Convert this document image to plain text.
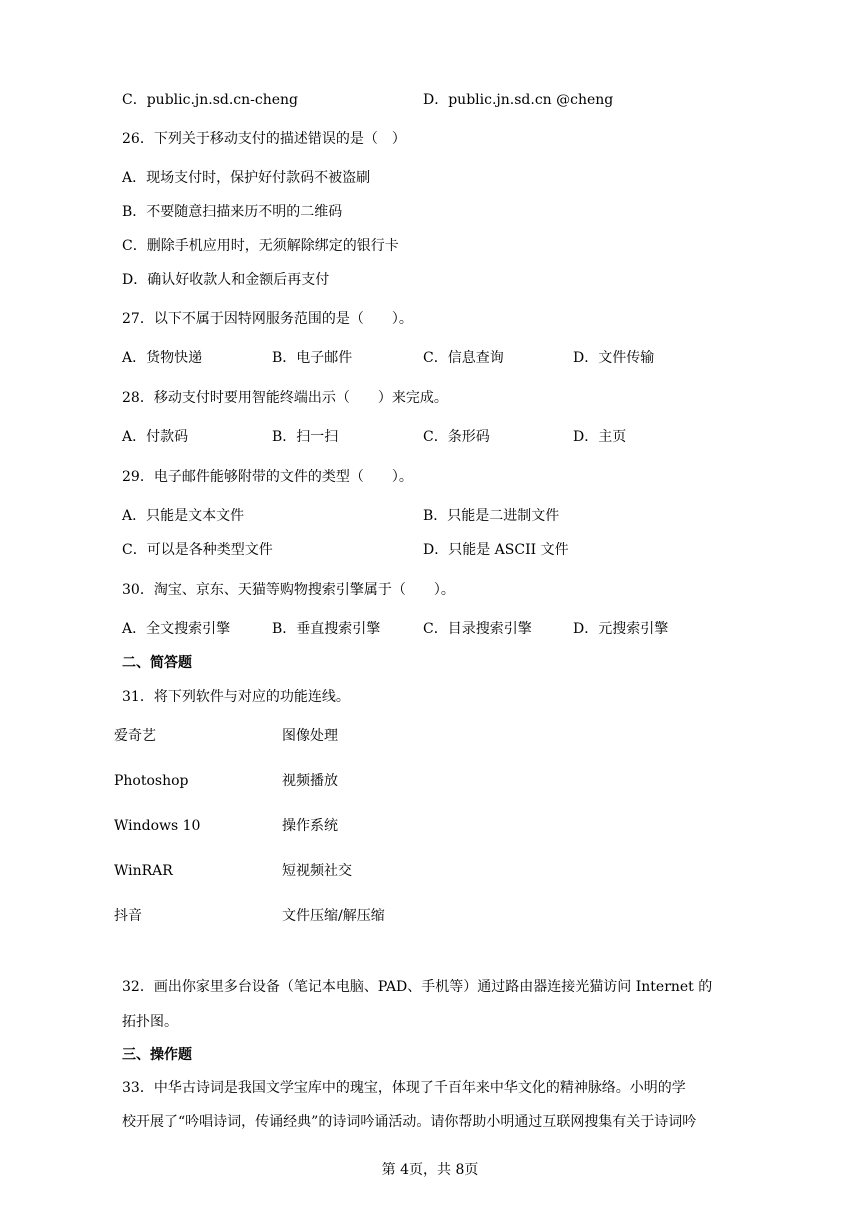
C．public.jn.sd.cn-cheng	D．public.jn.sd.cn @cheng
26．下列关于移动支付的描述错误的是（　）
A．现场支付时，保护好付款码不被盗刷
B．不要随意扫描来历不明的二维码
C．删除手机应用时，无须解除绑定的银行卡
D．确认好收款人和金额后再支付
27．以下不属于因特网服务范围的是（　　）。
A．货物快递	B．电子邮件	C．信息查询	D．文件传输
28．移动支付时要用智能终端出示（　　）来完成。
A．付款码	B．扫一扫	C．条形码	D．主页
29．电子邮件能够附带的文件的类型（　　）。
A．只能是文本文件	B．只能是二进制文件
C．可以是各种类型文件	D．只能是 ASCII 文件
30．淘宝、京东、天猫等购物搜索引擎属于（　　）。
A．全文搜索引擎	B．垂直搜索引擎	C．目录搜索引擎	D．元搜索引擎
二、简答题
31．将下列软件与对应的功能连线。
爱奇艺	图像处理
Photoshop	视频播放
Windows 10	操作系统
WinRAR	短视频社交
抖音	文件压缩/解压缩
32．画出你家里多台设备（笔记本电脑、PAD、手机等）通过路由器连接光猫访问 Internet 的
拓扑图。
三、操作题
33．中华古诗词是我国文学宝库中的瑰宝，体现了千百年来中华文化的精神脉络。小明的学
校开展了“吟唱诗词，传诵经典”的诗词吟诵活动。请你帮助小明通过互联网搜集有关于诗词吟
第 4页，共 8页
